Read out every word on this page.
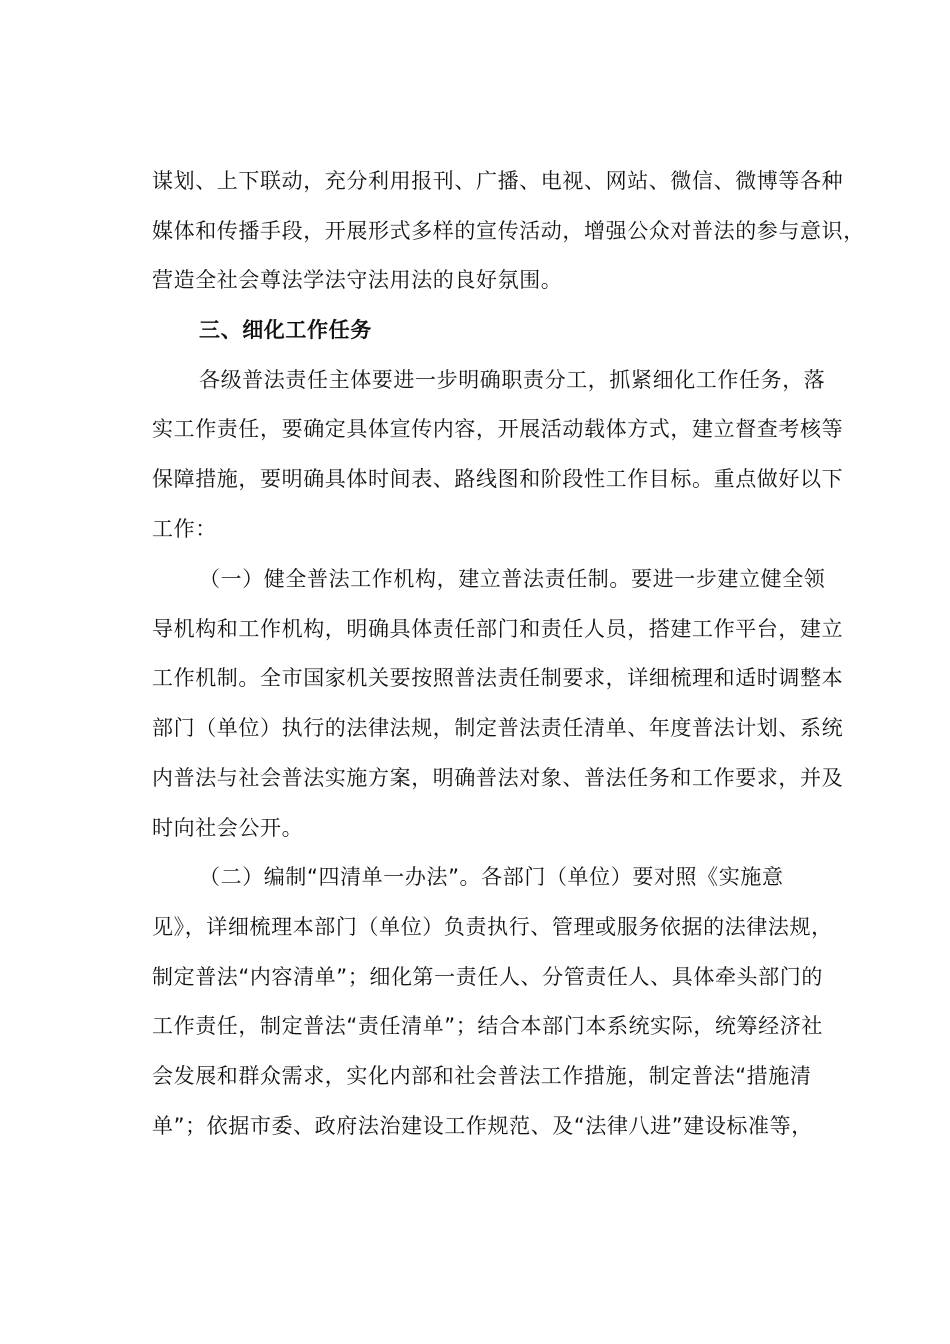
谋划、上下联动，充分利用报刊、广播、电视、网站、微信、微博等各种
媒体和传播手段，开展形式多样的宣传活动，增强公众对普法的参与意识，
营造全社会尊法学法守法用法的良好氛围。
三、细化工作任务
各级普法责任主体要进一步明确职责分工，抓紧细化工作任务，落
实工作责任，要确定具体宣传内容，开展活动载体方式，建立督查考核等
保障措施，要明确具体时间表、路线图和阶段性工作目标。重点做好以下
工作：
（一）健全普法工作机构，建立普法责任制。要进一步建立健全领
导机构和工作机构，明确具体责任部门和责任人员，搭建工作平台，建立
工作机制。全市国家机关要按照普法责任制要求，详细梳理和适时调整本
部门（单位）执行的法律法规，制定普法责任清单、年度普法计划、系统
内普法与社会普法实施方案，明确普法对象、普法任务和工作要求，并及
时向社会公开。
（二）编制“四清单一办法”。各部门（单位）要对照《实施意
见》，详细梳理本部门（单位）负责执行、管理或服务依据的法律法规，
制定普法“内容清单”；细化第一责任人、分管责任人、具体牵头部门的
工作责任，制定普法“责任清单”；结合本部门本系统实际，统筹经济社
会发展和群众需求，实化内部和社会普法工作措施，制定普法“措施清
单”；依据市委、政府法治建设工作规范、及“法律八进”建设标准等，
